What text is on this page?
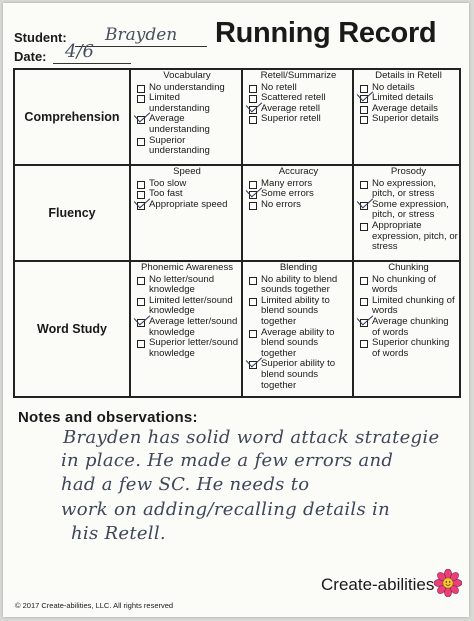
Student: Brayden
Date: 4/6
Running Record
Comprehension
Fluency
Word Study
Vocabulary
No understanding
Limited understanding
Average understanding
Superior understanding
Retell/Summarize
No retell
Scattered retell
Average retell
Superior retell
Details in Retell
No details
Limited details
Average details
Superior details
Speed
Too slow
Too fast
Appropriate speed
Accuracy
Many errors
Some errors
No errors
Prosody
No expression, pitch, or stress
Some expression, pitch, or stress
Appropriate expression, pitch, or stress
Phonemic Awareness
No letter/sound knowledge
Limited letter/sound knowledge
Average letter/sound knowledge
Superior letter/sound knowledge
Blending
No ability to blend sounds together
Limited ability to blend sounds together
Average ability to blend sounds together
Superior ability to blend sounds together
Chunking
No chunking of words
Limited chunking of words
Average chunking of words
Superior chunking of words
Notes and observations:
Brayden has solid word attack strategie
in place. He made a few errors and
had a few SC. He needs to
work on adding/recalling details in
his Retell.
© 2017 Create-abilities, LLC. All rights reserved
Create-abilities
